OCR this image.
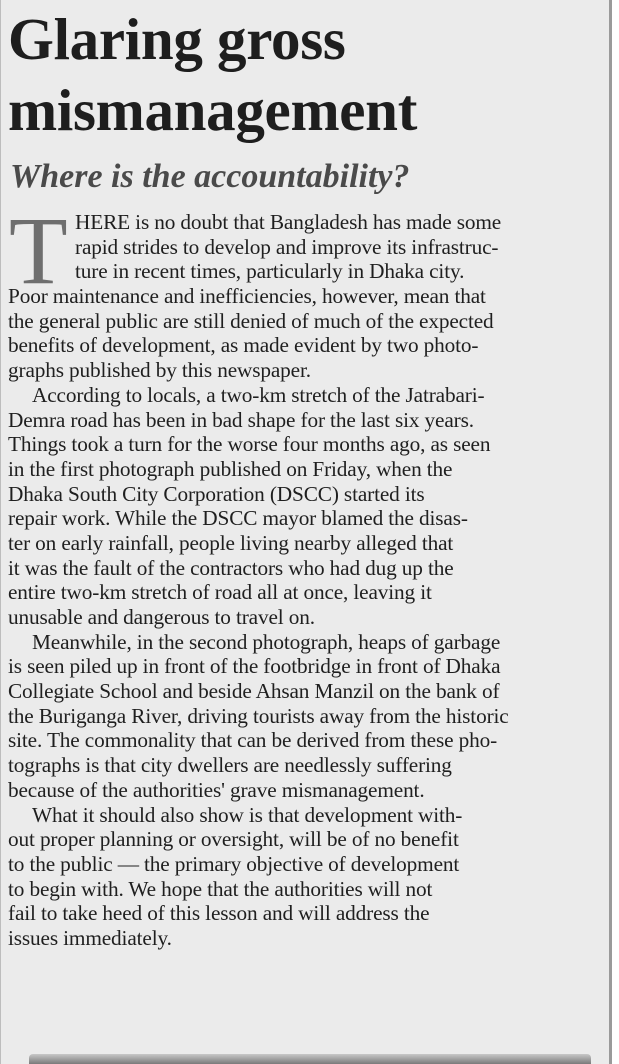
Glaring gross
mismanagement
Where is the accountability?
T HERE is no doubt that Bangladesh has made some
rapid strides to develop and improve its infrastruc-
ture in recent times, particularly in Dhaka city.
Poor maintenance and inefficiencies, however, mean that
the general public are still denied of much of the expected
benefits of development, as made evident by two photo-
graphs published by this newspaper.
According to locals, a two-km stretch of the Jatrabari-
Demra road has been in bad shape for the last six years.
Things took a turn for the worse four months ago, as seen
in the first photograph published on Friday, when the
Dhaka South City Corporation (DSCC) started its
repair work. While the DSCC mayor blamed the disas-
ter on early rainfall, people living nearby alleged that
it was the fault of the contractors who had dug up the
entire two-km stretch of road all at once, leaving it
unusable and dangerous to travel on.
Meanwhile, in the second photograph, heaps of garbage
is seen piled up in front of the footbridge in front of Dhaka
Collegiate School and beside Ahsan Manzil on the bank of
the Buriganga River, driving tourists away from the historic
site. The commonality that can be derived from these pho-
tographs is that city dwellers are needlessly suffering
because of the authorities' grave mismanagement.
What it should also show is that development with-
out proper planning or oversight, will be of no benefit
to the public — the primary objective of development
to begin with. We hope that the authorities will not
fail to take heed of this lesson and will address the
issues immediately.
